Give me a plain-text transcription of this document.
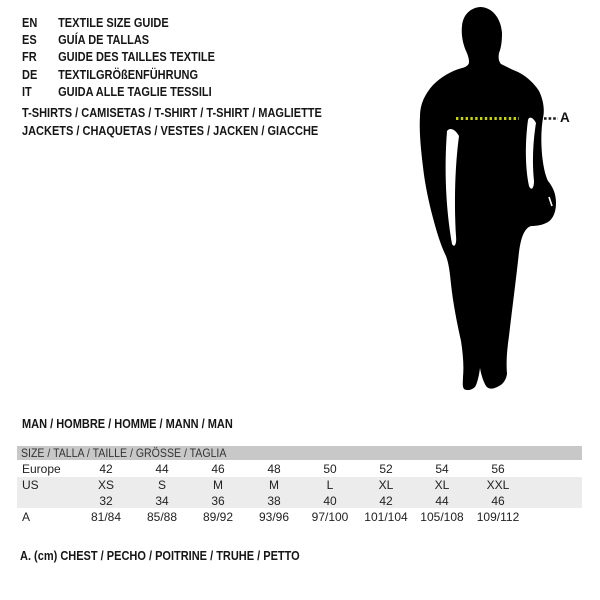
EN	TEXTILE SIZE GUIDE
ES	GUÍA DE TALLAS
FR	GUIDE DES TAILLES TEXTILE
DE	TEXTILGRÖßENFÜHRUNG
IT	GUIDA ALLE TAGLIE TESSILI
T-SHIRTS / CAMISETAS / T-SHIRT / T-SHIRT / MAGLIETTE JACKETS / CHAQUETAS / VESTES / JACKEN / GIACCHE
A
MAN / HOMBRE / HOMME / MANN / MAN
SIZE / TALLA / TAILLE / GRÖSSE / TAGLIA									
Europe	42	44	46	48	50	52	54	56	
US	XS	S	M	M	L	XL	XL	XXL	
	32	34	36	38	40	42	44	46	
A	81/84	85/88	89/92	93/96	97/100	101/104	105/108	109/112	
A. (cm) CHEST / PECHO / POITRINE / TRUHE / PETTO
